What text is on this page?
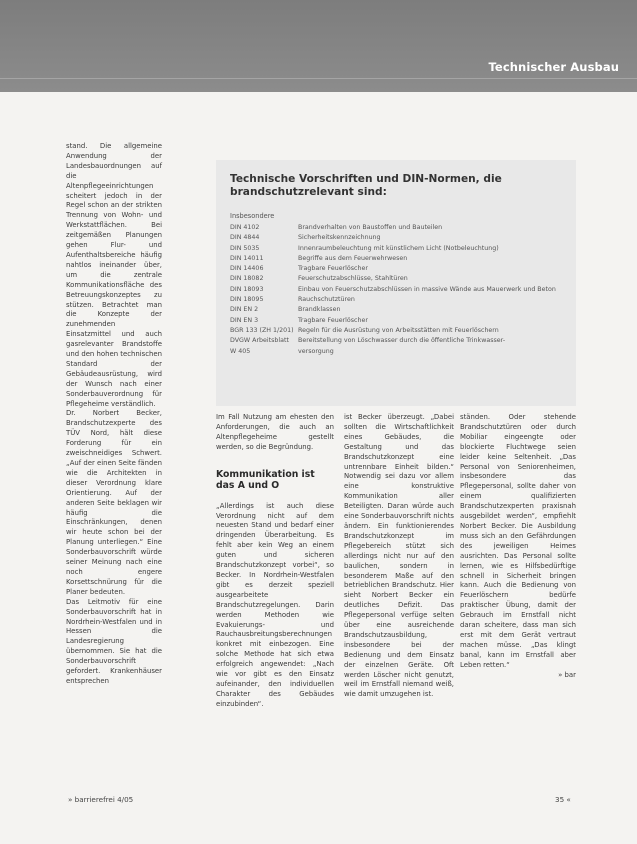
Technischer Ausbau

stand. Die allgemeine Anwendung der Landesbauordnungen auf die Altenpflegeeinrichtungen scheitert jedoch in der Regel schon an der strikten Trennung von Wohn- und Werkstattflächen. Bei zeitgemäßen Planungen gehen Flur- und Aufenthaltsbereiche häufig nahtlos ineinander über, um die zentrale Kommunikationsfläche des Betreuungskonzeptes zu stützen. Betrachtet man die Konzepte der zunehmenden Einsatzmittel und auch gasrelevanter Brandstoffe und den hohen technischen Standard der Gebäudeausrüstung, wird der Wunsch nach einer Sonderbauverordnung für Pflegeheime verständlich.

Dr. Norbert Becker, Brandschutzexperte des TÜV Nord, hält diese Forderung für ein zweischneidiges Schwert. „Auf der einen Seite fänden wie die Architekten in dieser Verordnung klare Orientierung. Auf der anderen Seite beklagen wir häufig die Einschränkungen, denen wir heute schon bei der Planung unterliegen.“ Eine Sonderbauvorschrift würde seiner Meinung nach eine noch engere Korsettschnürung für die Planer bedeuten.

Das Leitmotiv für eine Sonderbauvorschrift hat in Nordrhein-Westfalen und in Hessen die Landesregierung übernommen. Sie hat die Sonderbauvorschrift gefordert. Krankenhäuser entsprechen

Technische Vorschriften und DIN-Normen, die brandschutzrelevant sind:
Insbesondere
DIN 4102	Brandverhalten von Baustoffen und Bauteilen
DIN 4844	Sicherheitskennzeichnung
DIN 5035	Innenraumbeleuchtung mit künstlichem Licht (Notbeleuchtung)
DIN 14011	Begriffe aus dem Feuerwehrwesen
DIN 14406	Tragbare Feuerlöscher
DIN 18082	Feuerschutzabschlüsse, Stahltüren
DIN 18093	Einbau von Feuerschutzabschlüssen in massive Wände aus Mauerwerk und Beton
DIN 18095	Rauchschutztüren
DIN EN 2	Brandklassen
DIN EN 3	Tragbare Feuerlöscher
BGR 133 (ZH 1/201)	Regeln für die Ausrüstung von Arbeitsstätten mit Feuerlöschern
DVGW Arbeitsblatt	Bereitstellung von Löschwasser durch die öffentliche Trinkwasser-
W 405	versorgung

Im Fall Nutzung am ehesten den Anforderungen, die auch an Altenpflegeheime gestellt werden, so die Begründung.

Kommunikation ist das A und O

„Allerdings ist auch diese Verordnung nicht auf dem neuesten Stand und bedarf einer dringenden Überarbeitung. Es fehlt aber kein Weg an einem guten und sicheren Brandschutzkonzept vorbei“, so Becker. In Nordrhein-Westfalen gibt es derzeit speziell ausgearbeitete Brandschutzregelungen. Darin werden Methoden wie Evakuierungs- und Rauchausbreitungsberechnungen konkret mit einbezogen. Eine solche Methode hat sich etwa erfolgreich angewendet: „Nach wie vor gibt es den Einsatz aufeinander, den individuellen Charakter des Gebäudes einzubinden“.

ist Becker überzeugt. „Dabei sollten die Wirtschaftlichkeit eines Gebäudes, die Gestaltung und das Brandschutzkonzept eine untrennbare Einheit bilden.“ Notwendig sei dazu vor allem eine konstruktive Kommunikation aller Beteiligten. Daran würde auch eine Sonderbauvorschrift nichts ändern. Ein funktionierendes Brandschutzkonzept im Pflegebereich stützt sich allerdings nicht nur auf den baulichen, sondern in besonderem Maße auf den betrieblichen Brandschutz. Hier sieht Norbert Becker ein deutliches Defizit. Das Pflegepersonal verfüge selten über eine ausreichende Brandschutzausbildung, insbesondere bei der Bedienung und dem Einsatz der einzelnen Geräte. Oft werden Löscher nicht genutzt, weil im Ernstfall niemand weiß, wie damit umzugehen ist.

ständen. Oder stehende Brandschutztüren oder durch Mobiliar eingeengte oder blockierte Fluchtwege seien leider keine Seltenheit. „Das Personal von Seniorenheimen, insbesondere das Pflegepersonal, sollte daher von einem qualifizierten Brandschutzexperten praxisnah ausgebildet werden“, empfiehlt Norbert Becker. Die Ausbildung muss sich an den Gefährdungen des jeweiligen Heimes ausrichten. Das Personal sollte lernen, wie es Hilfsbedürftige schnell in Sicherheit bringen kann. Auch die Bedienung von Feuerlöschern bedürfe praktischer Übung, damit der Gebrauch im Ernstfall nicht daran scheitere, dass man sich erst mit dem Gerät vertraut machen müsse. „Das klingt banal, kann im Ernstfall aber Leben retten.“

» bar

» barrierefrei 4/05	35 «
